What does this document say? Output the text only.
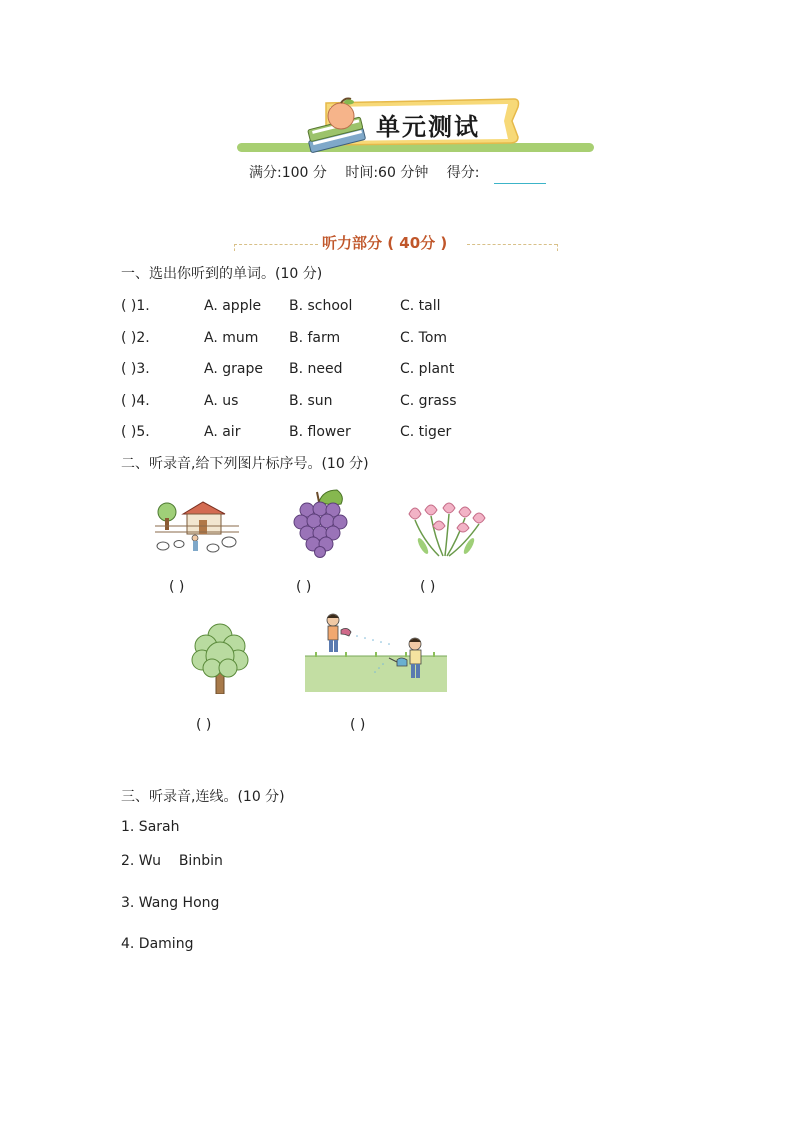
单元测试
满分:100 分 时间:60 分钟 得分:
听力部分 ( 40分 )
一、选出你听到的单词。(10 分)
( )1.	A. apple B. school	C. tall
( )2.	A. mum B. farm	C. Tom
( )3.	A. grape B. need	C. plant
( )4.	A. us	B. sun	C. grass
( )5.	A. air	B. flower	C. tiger
二、听录音,给下列图片标序号。(10 分)
( )	( )	( )
( )	( )
三、听录音,连线。(10 分)
1. Sarah
2. Wu    Binbin
3. Wang Hong
4. Daming
